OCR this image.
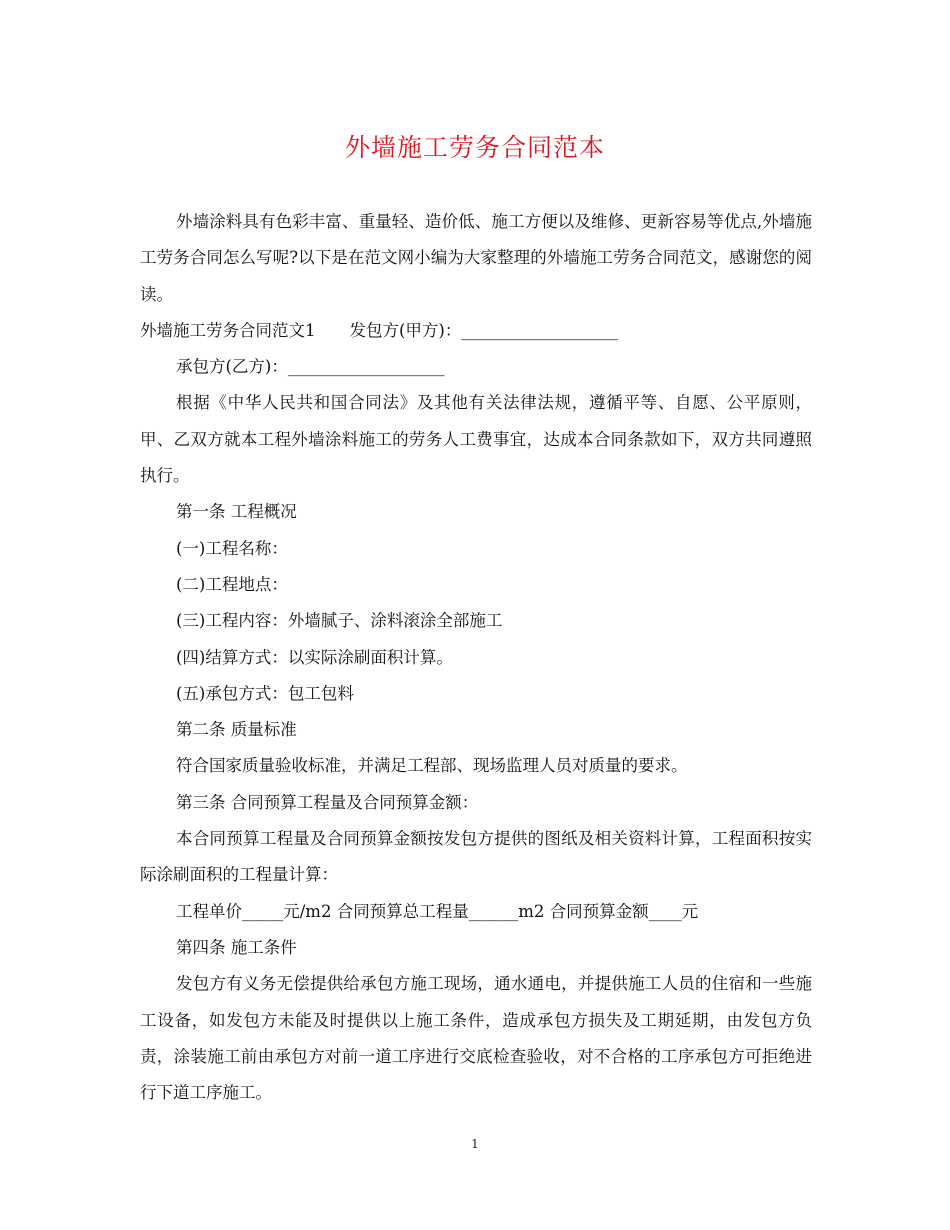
外墙施工劳务合同范本

外墙涂料具有色彩丰富、重量轻、造价低、施工方便以及维修、更新容易等优点,外墙施工劳务合同怎么写呢?以下是在范文网小编为大家整理的外墙施工劳务合同范文，感谢您的阅读。

外墙施工劳务合同范文1 发包方(甲方)：___________________

承包方(乙方)：___________________

根据《中华人民共和国合同法》及其他有关法律法规，遵循平等、自愿、公平原则，甲、乙双方就本工程外墙涂料施工的劳务人工费事宜，达成本合同条款如下，双方共同遵照执行。

第一条 工程概况

(一)工程名称：

(二)工程地点：

(三)工程内容：外墙腻子、涂料滚涂全部施工

(四)结算方式：以实际涂刷面积计算。

(五)承包方式：包工包料

第二条 质量标准

符合国家质量验收标准，并满足工程部、现场监理人员对质量的要求。

第三条 合同预算工程量及合同预算金额：

本合同预算工程量及合同预算金额按发包方提供的图纸及相关资料计算，工程面积按实际涂刷面积的工程量计算：

工程单价_____元/m2 合同预算总工程量______m2 合同预算金额____元

第四条 施工条件

发包方有义务无偿提供给承包方施工现场，通水通电，并提供施工人员的住宿和一些施工设备，如发包方未能及时提供以上施工条件，造成承包方损失及工期延期，由发包方负责，涂装施工前由承包方对前一道工序进行交底检查验收，对不合格的工序承包方可拒绝进行下道工序施工。

1
